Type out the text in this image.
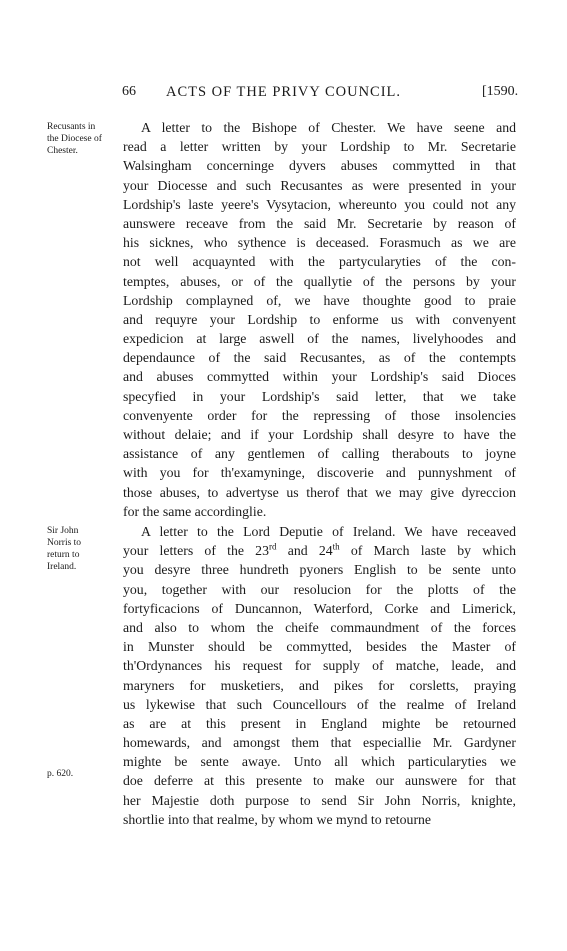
66	ACTS OF THE PRIVY COUNCIL.	[1590.
Recusants in
the Diocese of
Chester.
A letter to the Bishope of Chester. We have seene and
read a letter written by your Lordship to Mr. Secretarie
Walsingham concerninge dyvers abuses commytted in that
your Diocesse and such Recusantes as were presented in your
Lordship's laste yeere's Vysytacion, whereunto you could not any
aunswere receave from the said Mr. Secretarie by reason of
his sicknes, who sythence is deceased. Forasmuch as we are
not well acquaynted with the partycularyties of the con-
temptes, abuses, or of the quallytie of the persons by your
Lordship complayned of, we have thoughte good to praie
and requyre your Lordship to enforme us with convenyent
expedicion at large aswell of the names, livelyhoodes and
dependaunce of the said Recusantes, as of the contempts
and abuses commytted within your Lordship's said Dioces
specyfied in your Lordship's said letter, that we take
convenyente order for the repressing of those insolencies
without delaie; and if your Lordship shall desyre to have the
assistance of any gentlemen of calling therabouts to joyne
with you for th'examyninge, discoverie and punnyshment of
those abuses, to advertyse us therof that we may give dyreccion
for the same accordinglie.
Sir John
Norris to
return to
Ireland.
A letter to the Lord Deputie of Ireland. We have receaved
your letters of the 23rd and 24th of March laste by which
you desyre three hundreth pyoners English to be sente unto
you, together with our resolucion for the plotts of the
fortyficacions of Duncannon, Waterford, Corke and Limerick,
and also to whom the cheife commaundment of the forces
in Munster should be commytted, besides the Master of
th'Ordynances his request for supply of matche, leade, and
maryners for musketiers, and pikes for corsletts, praying
us lykewise that such Councellours of the realme of Ireland
as are at this present in England mighte be retourned
homewards, and amongst them that especiallie Mr. Gardyner
mighte be sente awaye. Unto all which particularyties we
doe deferre at this presente to make our aunswere for that
her Majestie doth purpose to send Sir John Norris, knighte,
shortlie into that realme, by whom we mynd to retourne
p. 620.
